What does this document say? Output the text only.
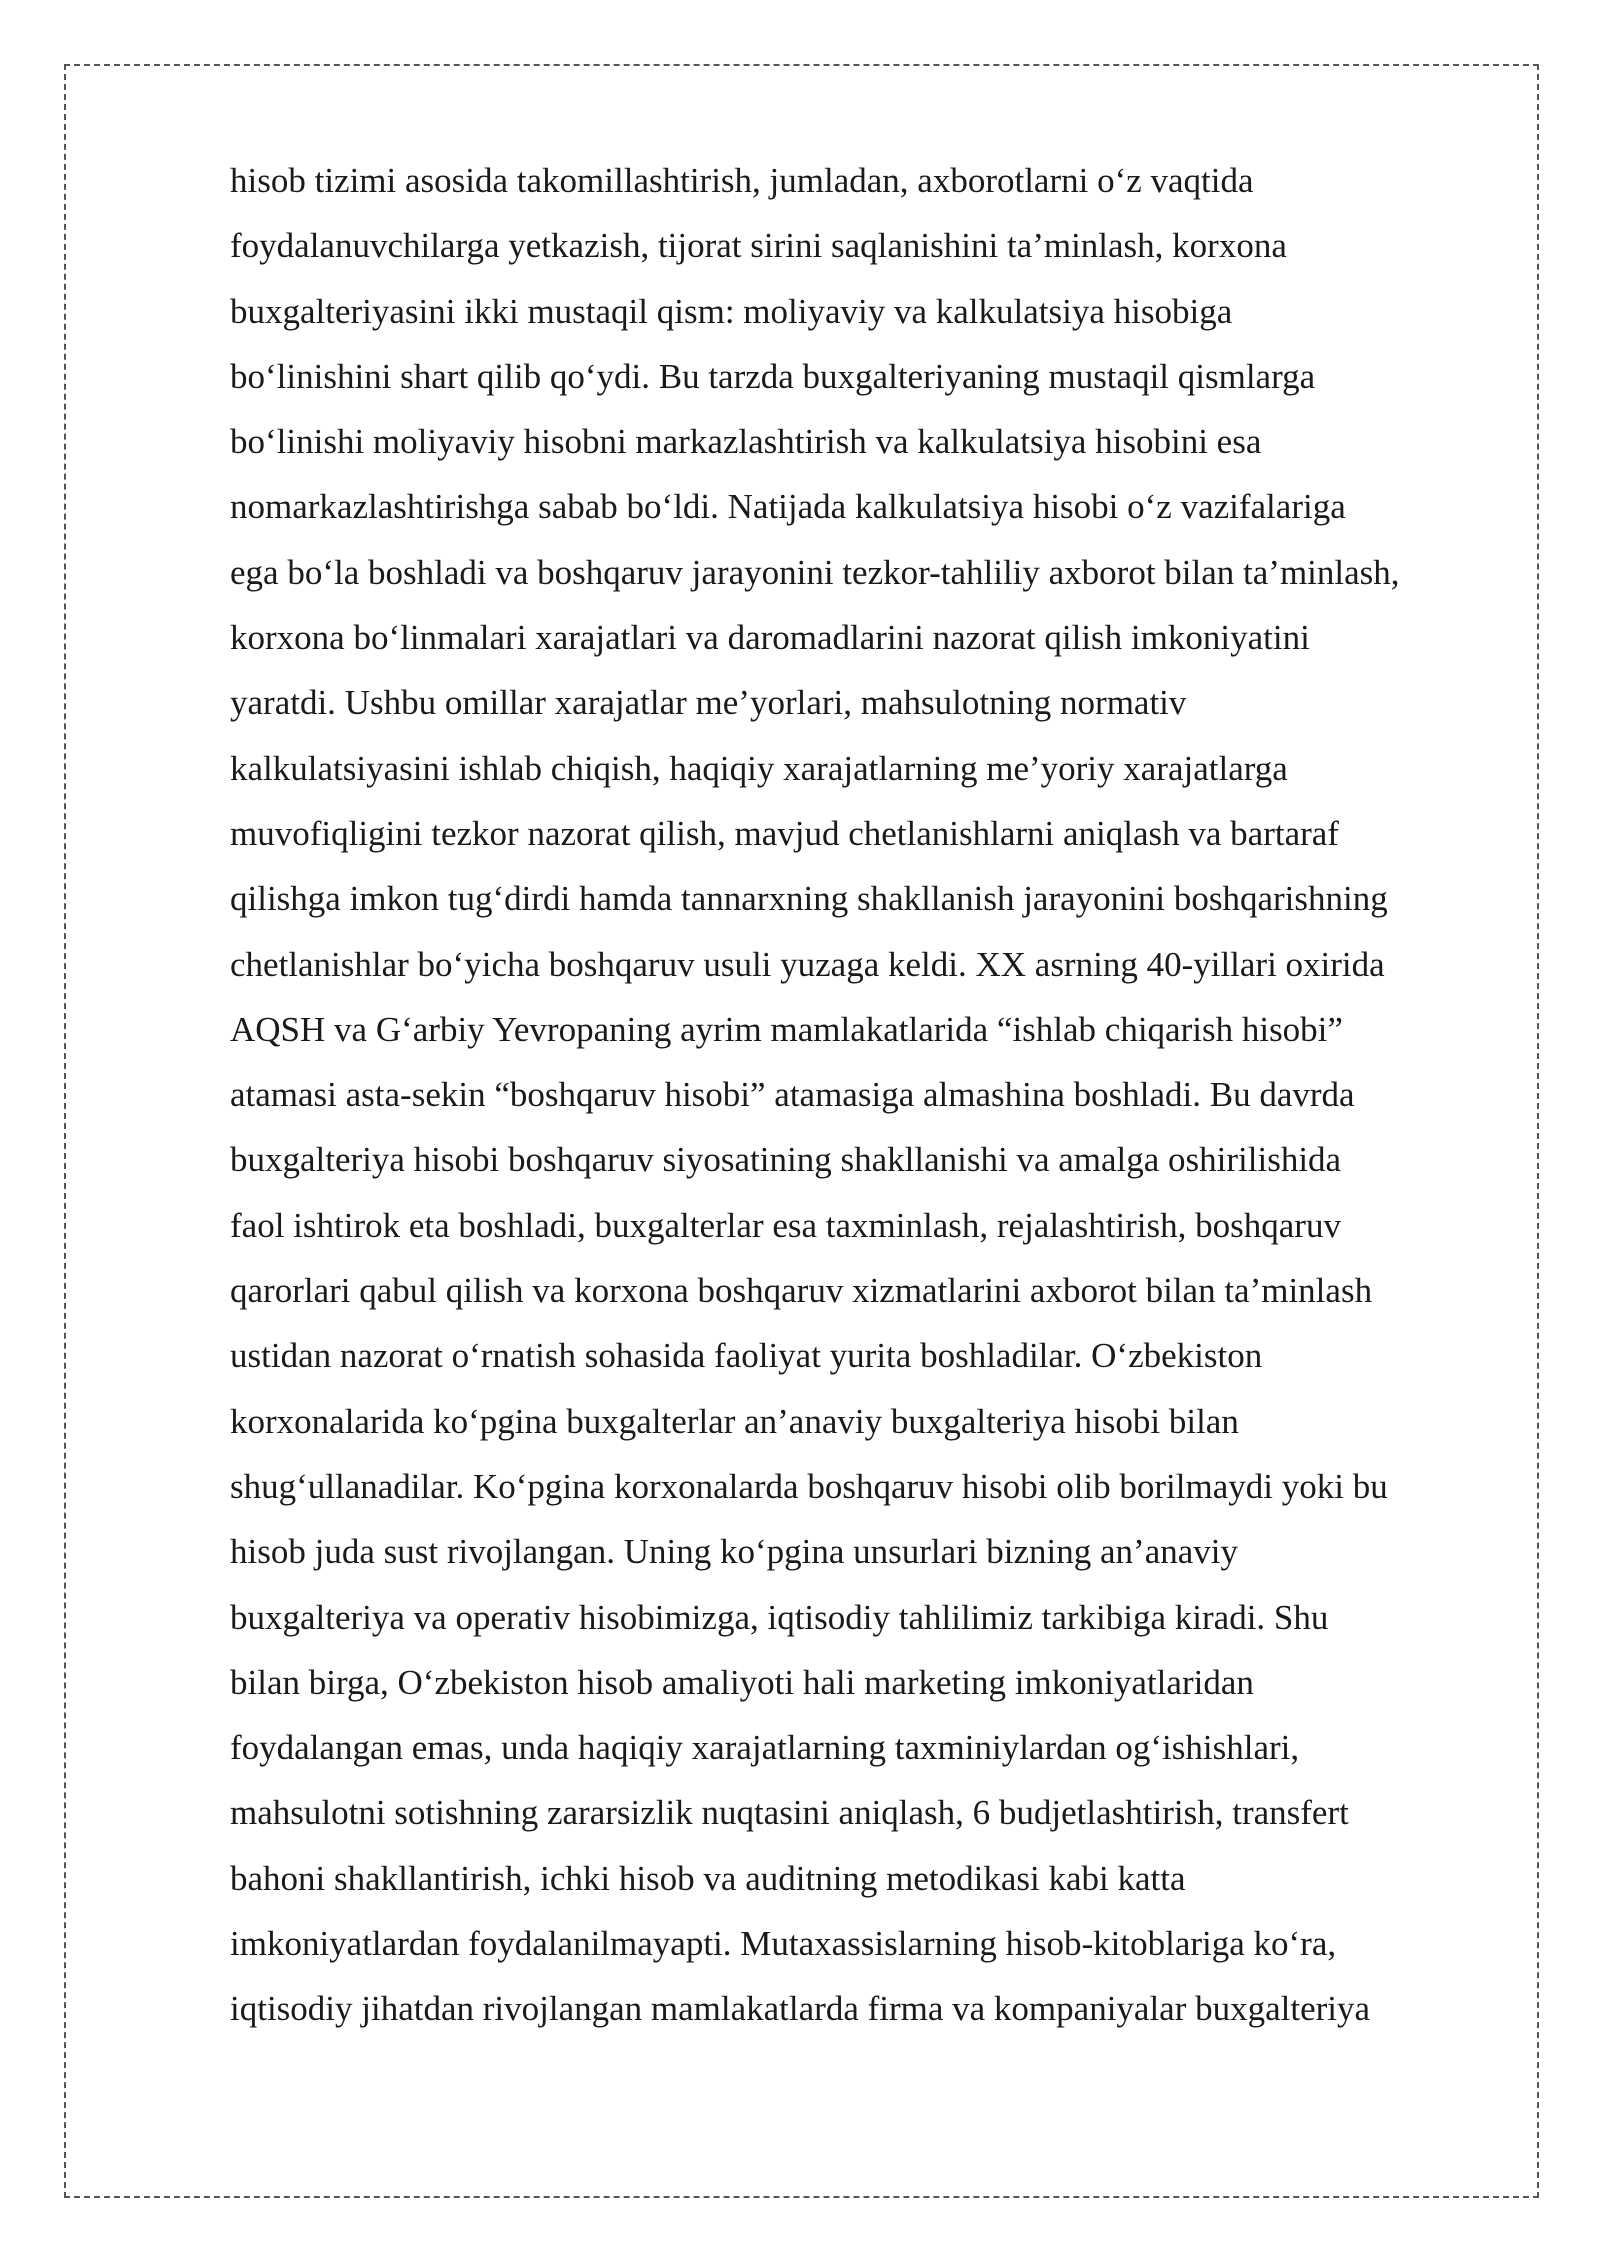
hisob tizimi asosida takomillashtirish, jumladan, axborotlarni o‘z vaqtida
foydalanuvchilarga yetkazish, tijorat sirini saqlanishini ta’minlash, korxona
buxgalteriyasini ikki mustaqil qism: moliyaviy va kalkulatsiya hisobiga
bo‘linishini shart qilib qo‘ydi. Bu tarzda buxgalteriyaning mustaqil qismlarga
bo‘linishi moliyaviy hisobni markazlashtirish va kalkulatsiya hisobini esa
nomarkazlashtirishga sabab bo‘ldi. Natijada kalkulatsiya hisobi o‘z vazifalariga
ega bo‘la boshladi va boshqaruv jarayonini tezkor-tahliliy axborot bilan ta’minlash,
korxona bo‘linmalari xarajatlari va daromadlarini nazorat qilish imkoniyatini
yaratdi. Ushbu omillar xarajatlar me’yorlari, mahsulotning normativ
kalkulatsiyasini ishlab chiqish, haqiqiy xarajatlarning me’yoriy xarajatlarga
muvofiqligini tezkor nazorat qilish, mavjud chetlanishlarni aniqlash va bartaraf
qilishga imkon tug‘dirdi hamda tannarxning shakllanish jarayonini boshqarishning
chetlanishlar bo‘yicha boshqaruv usuli yuzaga keldi. XX asrning 40-yillari oxirida
AQSH va G‘arbiy Yevropaning ayrim mamlakatlarida “ishlab chiqarish hisobi”
atamasi asta-sekin “boshqaruv hisobi” atamasiga almashina boshladi. Bu davrda
buxgalteriya hisobi boshqaruv siyosatining shakllanishi va amalga oshirilishida
faol ishtirok eta boshladi, buxgalterlar esa taxminlash, rejalashtirish, boshqaruv
qarorlari qabul qilish va korxona boshqaruv xizmatlarini axborot bilan ta’minlash
ustidan nazorat o‘rnatish sohasida faoliyat yurita boshladilar. O‘zbekiston
korxonalarida ko‘pgina buxgalterlar an’anaviy buxgalteriya hisobi bilan
shug‘ullanadilar. Ko‘pgina korxonalarda boshqaruv hisobi olib borilmaydi yoki bu
hisob juda sust rivojlangan. Uning ko‘pgina unsurlari bizning an’anaviy
buxgalteriya va operativ hisobimizga, iqtisodiy tahlilimiz tarkibiga kiradi. Shu
bilan birga, O‘zbekiston hisob amaliyoti hali marketing imkoniyatlaridan
foydalangan emas, unda haqiqiy xarajatlarning taxminiylardan og‘ishishlari,
mahsulotni sotishning zararsizlik nuqtasini aniqlash, 6 budjetlashtirish, transfert
bahoni shakllantirish, ichki hisob va auditning metodikasi kabi katta
imkoniyatlardan foydalanilmayapti. Mutaxassislarning hisob-kitoblariga ko‘ra,
iqtisodiy jihatdan rivojlangan mamlakatlarda firma va kompaniyalar buxgalteriya
